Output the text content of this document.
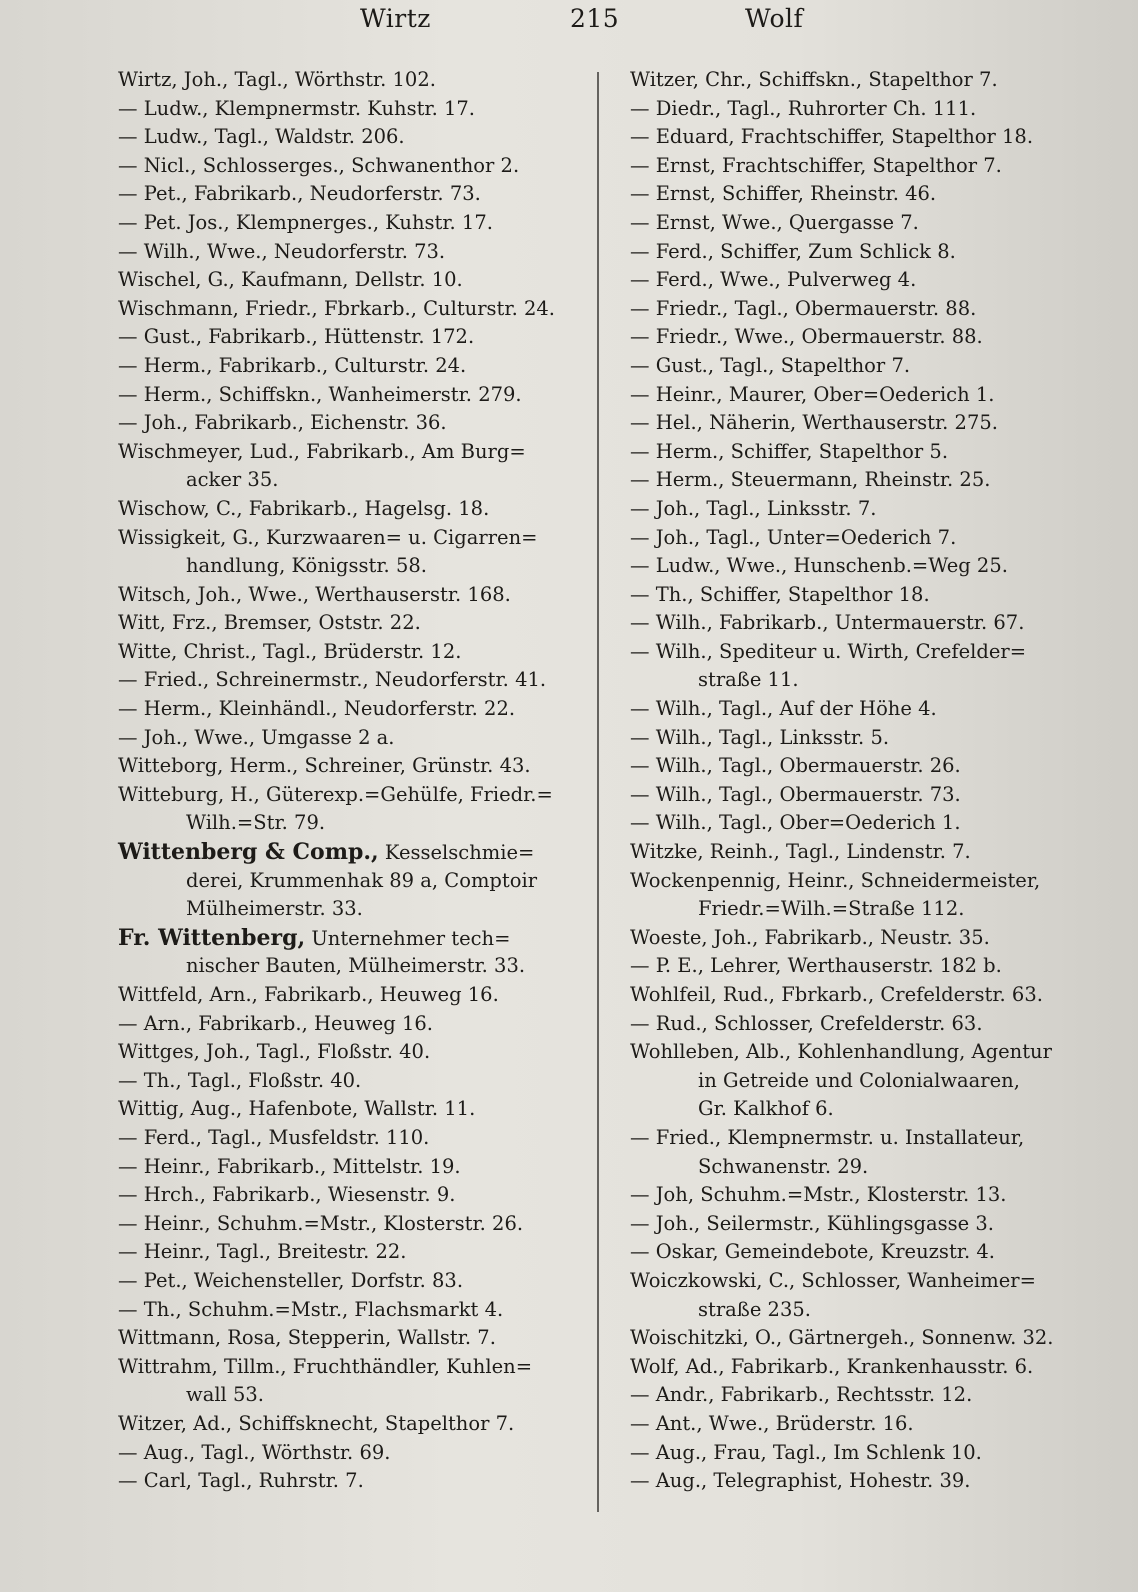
Wirtz	215	Wolf
Wirtz, Joh., Tagl., Wörthstr. 102.
— Ludw., Klempnermstr. Kuhstr. 17.
— Ludw., Tagl., Waldstr. 206.
— Nicl., Schlosserges., Schwanenthor 2.
— Pet., Fabrikarb., Neudorferstr. 73.
— Pet. Jos., Klempnerges., Kuhstr. 17.
— Wilh., Wwe., Neudorferstr. 73.
Wischel, G., Kaufmann, Dellstr. 10.
Wischmann, Friedr., Fbrkarb., Culturstr. 24.
— Gust., Fabrikarb., Hüttenstr. 172.
— Herm., Fabrikarb., Culturstr. 24.
— Herm., Schiffskn., Wanheimerstr. 279.
— Joh., Fabrikarb., Eichenstr. 36.
Wischmeyer, Lud., Fabrikarb., Am Burg=
acker 35.
Wischow, C., Fabrikarb., Hagelsg. 18.
Wissigkeit, G., Kurzwaaren= u. Cigarren=
handlung, Königsstr. 58.
Witsch, Joh., Wwe., Werthauserstr. 168.
Witt, Frz., Bremser, Oststr. 22.
Witte, Christ., Tagl., Brüderstr. 12.
— Fried., Schreinermstr., Neudorferstr. 41.
— Herm., Kleinhändl., Neudorferstr. 22.
— Joh., Wwe., Umgasse 2 a.
Witteborg, Herm., Schreiner, Grünstr. 43.
Witteburg, H., Güterexp.=Gehülfe, Friedr.=
Wilh.=Str. 79.
Wittenberg & Comp., Kesselschmie=
derei, Krummenhak 89 a, Comptoir
Mülheimerstr. 33.
Fr. Wittenberg, Unternehmer tech=
nischer Bauten, Mülheimerstr. 33.
Wittfeld, Arn., Fabrikarb., Heuweg 16.
— Arn., Fabrikarb., Heuweg 16.
Wittges, Joh., Tagl., Floßstr. 40.
— Th., Tagl., Floßstr. 40.
Wittig, Aug., Hafenbote, Wallstr. 11.
— Ferd., Tagl., Musfeldstr. 110.
— Heinr., Fabrikarb., Mittelstr. 19.
— Hrch., Fabrikarb., Wiesenstr. 9.
— Heinr., Schuhm.=Mstr., Klosterstr. 26.
— Heinr., Tagl., Breitestr. 22.
— Pet., Weichensteller, Dorfstr. 83.
— Th., Schuhm.=Mstr., Flachsmarkt 4.
Wittmann, Rosa, Stepperin, Wallstr. 7.
Wittrahm, Tillm., Fruchthändler, Kuhlen=
wall 53.
Witzer, Ad., Schiffsknecht, Stapelthor 7.
— Aug., Tagl., Wörthstr. 69.
— Carl, Tagl., Ruhrstr. 7.
Witzer, Chr., Schiffskn., Stapelthor 7.
— Diedr., Tagl., Ruhrorter Ch. 111.
— Eduard, Frachtschiffer, Stapelthor 18.
— Ernst, Frachtschiffer, Stapelthor 7.
— Ernst, Schiffer, Rheinstr. 46.
— Ernst, Wwe., Quergasse 7.
— Ferd., Schiffer, Zum Schlick 8.
— Ferd., Wwe., Pulverweg 4.
— Friedr., Tagl., Obermauerstr. 88.
— Friedr., Wwe., Obermauerstr. 88.
— Gust., Tagl., Stapelthor 7.
— Heinr., Maurer, Ober=Oederich 1.
— Hel., Näherin, Werthauserstr. 275.
— Herm., Schiffer, Stapelthor 5.
— Herm., Steuermann, Rheinstr. 25.
— Joh., Tagl., Linksstr. 7.
— Joh., Tagl., Unter=Oederich 7.
— Ludw., Wwe., Hunschenb.=Weg 25.
— Th., Schiffer, Stapelthor 18.
— Wilh., Fabrikarb., Untermauerstr. 67.
— Wilh., Spediteur u. Wirth, Crefelder=
straße 11.
— Wilh., Tagl., Auf der Höhe 4.
— Wilh., Tagl., Linksstr. 5.
— Wilh., Tagl., Obermauerstr. 26.
— Wilh., Tagl., Obermauerstr. 73.
— Wilh., Tagl., Ober=Oederich 1.
Witzke, Reinh., Tagl., Lindenstr. 7.
Wockenpennig, Heinr., Schneidermeister,
Friedr.=Wilh.=Straße 112.
Woeste, Joh., Fabrikarb., Neustr. 35.
— P. E., Lehrer, Werthauserstr. 182 b.
Wohlfeil, Rud., Fbrkarb., Crefelderstr. 63.
— Rud., Schlosser, Crefelderstr. 63.
Wohlleben, Alb., Kohlenhandlung, Agentur
in Getreide und Colonialwaaren,
Gr. Kalkhof 6.
— Fried., Klempnermstr. u. Installateur,
Schwanenstr. 29.
— Joh, Schuhm.=Mstr., Klosterstr. 13.
— Joh., Seilermstr., Kühlingsgasse 3.
— Oskar, Gemeindebote, Kreuzstr. 4.
Woiczkowski, C., Schlosser, Wanheimer=
straße 235.
Woischitzki, O., Gärtnergeh., Sonnenw. 32.
Wolf, Ad., Fabrikarb., Krankenhausstr. 6.
— Andr., Fabrikarb., Rechtsstr. 12.
— Ant., Wwe., Brüderstr. 16.
— Aug., Frau, Tagl., Im Schlenk 10.
— Aug., Telegraphist, Hohestr. 39.
